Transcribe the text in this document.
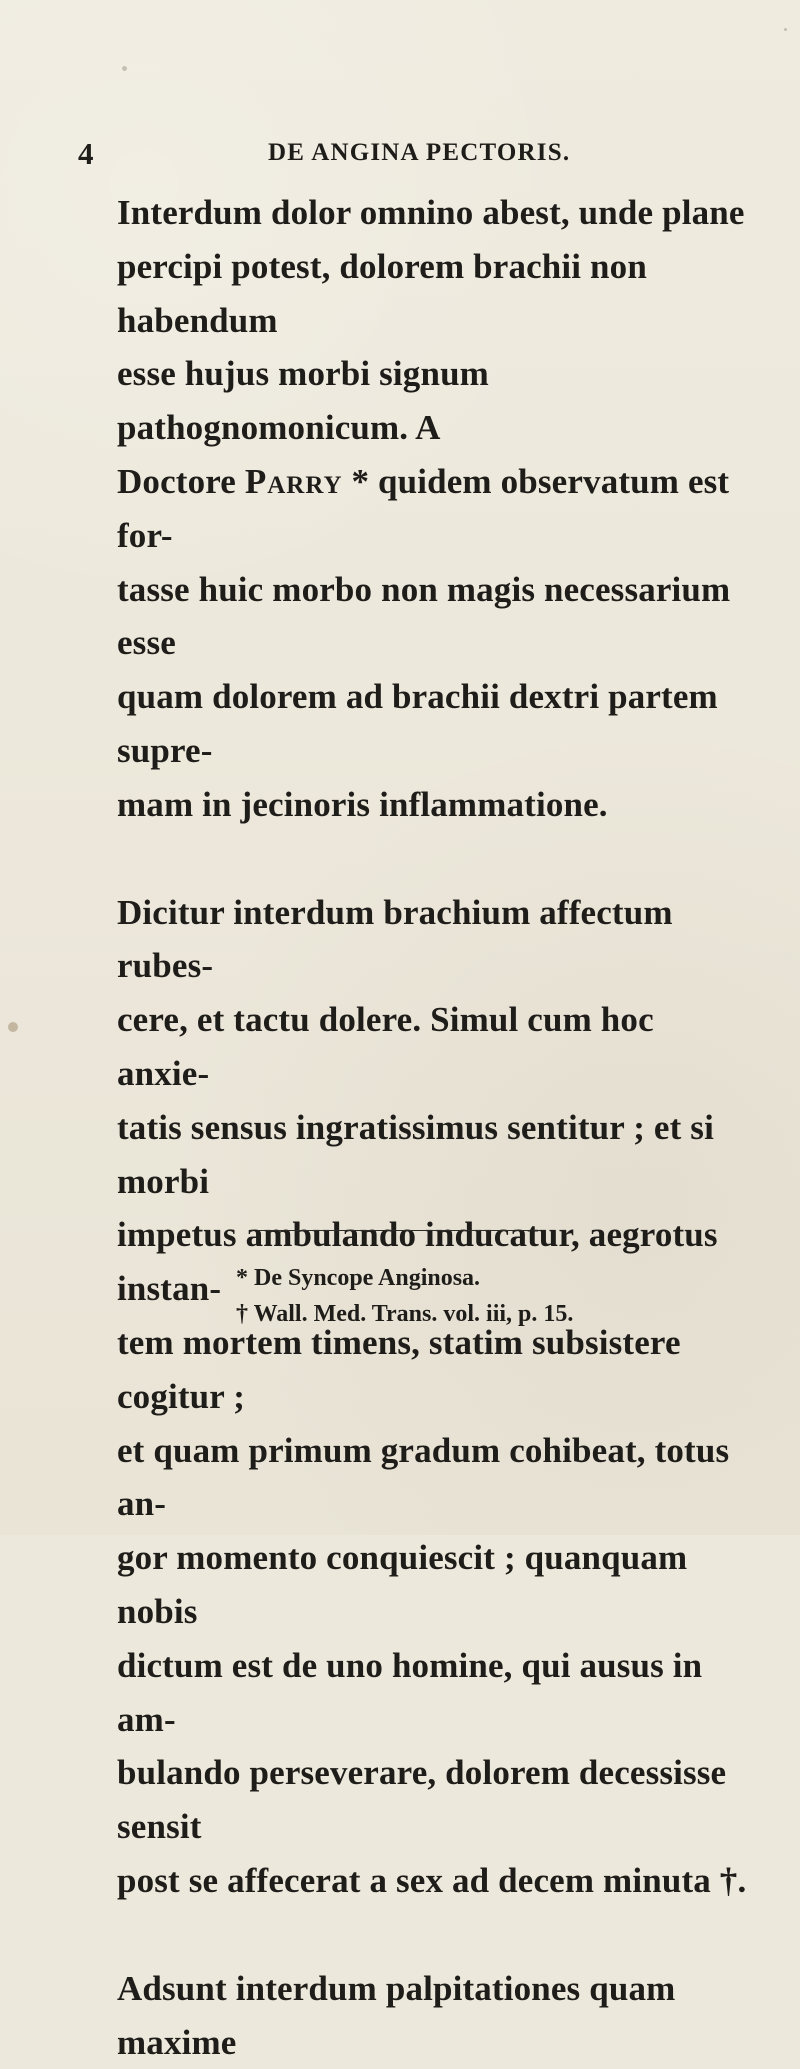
4	DE ANGINA PECTORIS.

Interdum dolor omnino abest, unde plane
percipi potest, dolorem brachii non habendum
esse hujus morbi signum pathognomonicum. A
Doctore Parry * quidem observatum est for-
tasse huic morbo non magis necessarium esse
quam dolorem ad brachii dextri partem supre-
mam in jecinoris inflammatione.

Dicitur interdum brachium affectum rubes-
cere, et tactu dolere. Simul cum hoc anxie-
tatis sensus ingratissimus sentitur ; et si morbi
impetus ambulando inducatur, aegrotus instan-
tem mortem timens, statim subsistere cogitur ;
et quam primum gradum cohibeat, totus an-
gor momento conquiescit ; quanquam nobis
dictum est de uno homine, qui ausus in am-
bulando perseverare, dolorem decessisse sensit
post se affecerat a sex ad decem minuta †.

Adsunt interdum palpitationes quam maxime

* De Syncope Anginosa.
† Wall. Med. Trans. vol. iii, p. 15.
